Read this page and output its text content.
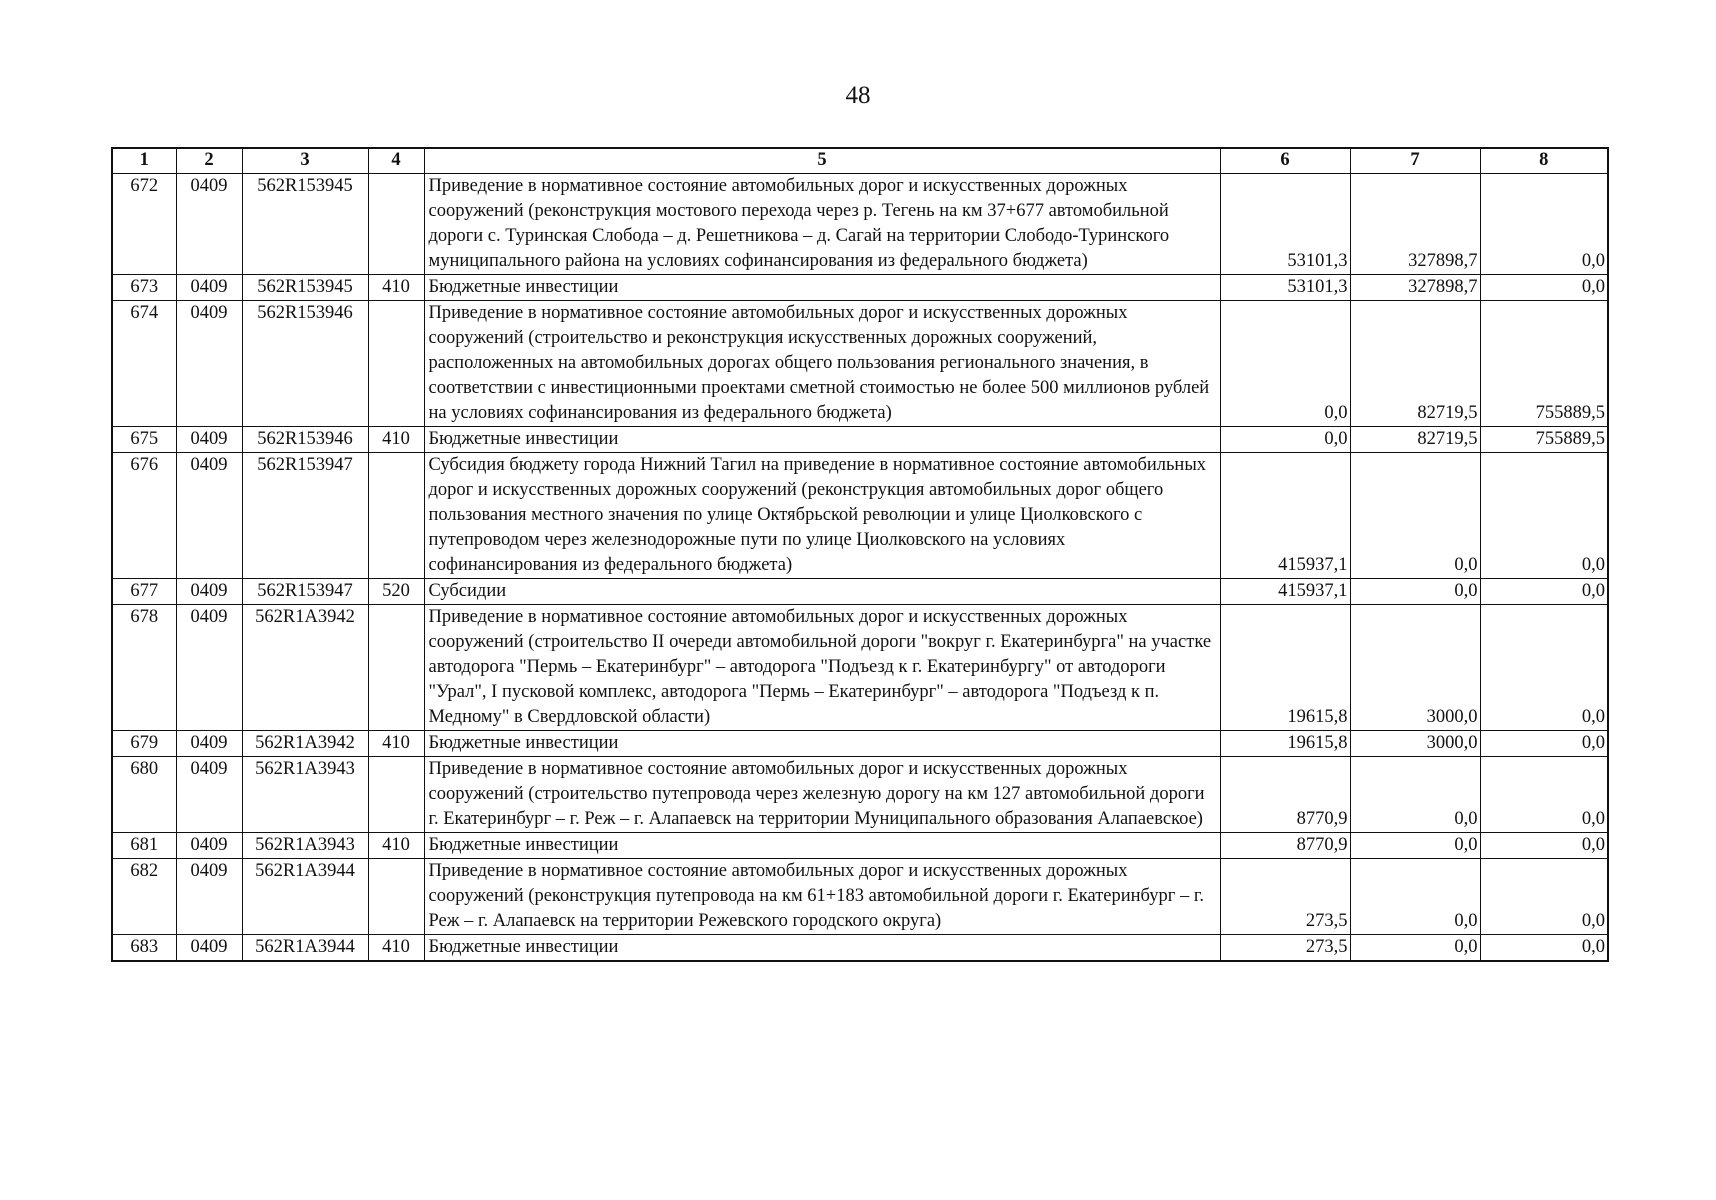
48
1	2	3	4	5	6	7	8
672	0409	562R153945		Приведение в нормативное состояние автомобильных дорог и искусственных дорожных сооружений (реконструкция мостового перехода через р. Тегень на км 37+677 автомобильной дороги с. Туринская Слобода – д. Решетникова – д. Сагай на территории Слободо-Туринского муниципального района на условиях софинансирования из федерального бюджета)	53101,3	327898,7	0,0
673	0409	562R153945	410	Бюджетные инвестиции	53101,3	327898,7	0,0
674	0409	562R153946		Приведение в нормативное состояние автомобильных дорог и искусственных дорожных сооружений (строительство и реконструкция искусственных дорожных сооружений, расположенных на автомобильных дорогах общего пользования регионального значения, в соответствии с инвестиционными проектами сметной стоимостью не более 500 миллионов рублей на условиях софинансирования из федерального бюджета)	0,0	82719,5	755889,5
675	0409	562R153946	410	Бюджетные инвестиции	0,0	82719,5	755889,5
676	0409	562R153947		Субсидия бюджету города Нижний Тагил на приведение в нормативное состояние автомобильных дорог и искусственных дорожных сооружений (реконструкция автомобильных дорог общего пользования местного значения по улице Октябрьской революции и улице Циолковского с путепроводом через железнодорожные пути по улице Циолковского на условиях софинансирования из федерального бюджета)	415937,1	0,0	0,0
677	0409	562R153947	520	Субсидии	415937,1	0,0	0,0
678	0409	562R1A3942		Приведение в нормативное состояние автомобильных дорог и искусственных дорожных сооружений (строительство II очереди автомобильной дороги "вокруг г. Екатеринбурга" на участке автодорога "Пермь – Екатеринбург" – автодорога "Подъезд к г. Екатеринбургу" от автодороги "Урал", I пусковой комплекс, автодорога "Пермь – Екатеринбург" – автодорога "Подъезд к п. Медному" в Свердловской области)	19615,8	3000,0	0,0
679	0409	562R1A3942	410	Бюджетные инвестиции	19615,8	3000,0	0,0
680	0409	562R1A3943		Приведение в нормативное состояние автомобильных дорог и искусственных дорожных сооружений (строительство путепровода через железную дорогу на км 127 автомобильной дороги г. Екатеринбург – г. Реж – г. Алапаевск на территории Муниципального образования Алапаевское)	8770,9	0,0	0,0
681	0409	562R1A3943	410	Бюджетные инвестиции	8770,9	0,0	0,0
682	0409	562R1A3944		Приведение в нормативное состояние автомобильных дорог и искусственных дорожных сооружений (реконструкция путепровода на км 61+183 автомобильной дороги г. Екатеринбург – г. Реж – г. Алапаевск на территории Режевского городского округа)	273,5	0,0	0,0
683	0409	562R1A3944	410	Бюджетные инвестиции	273,5	0,0	0,0
